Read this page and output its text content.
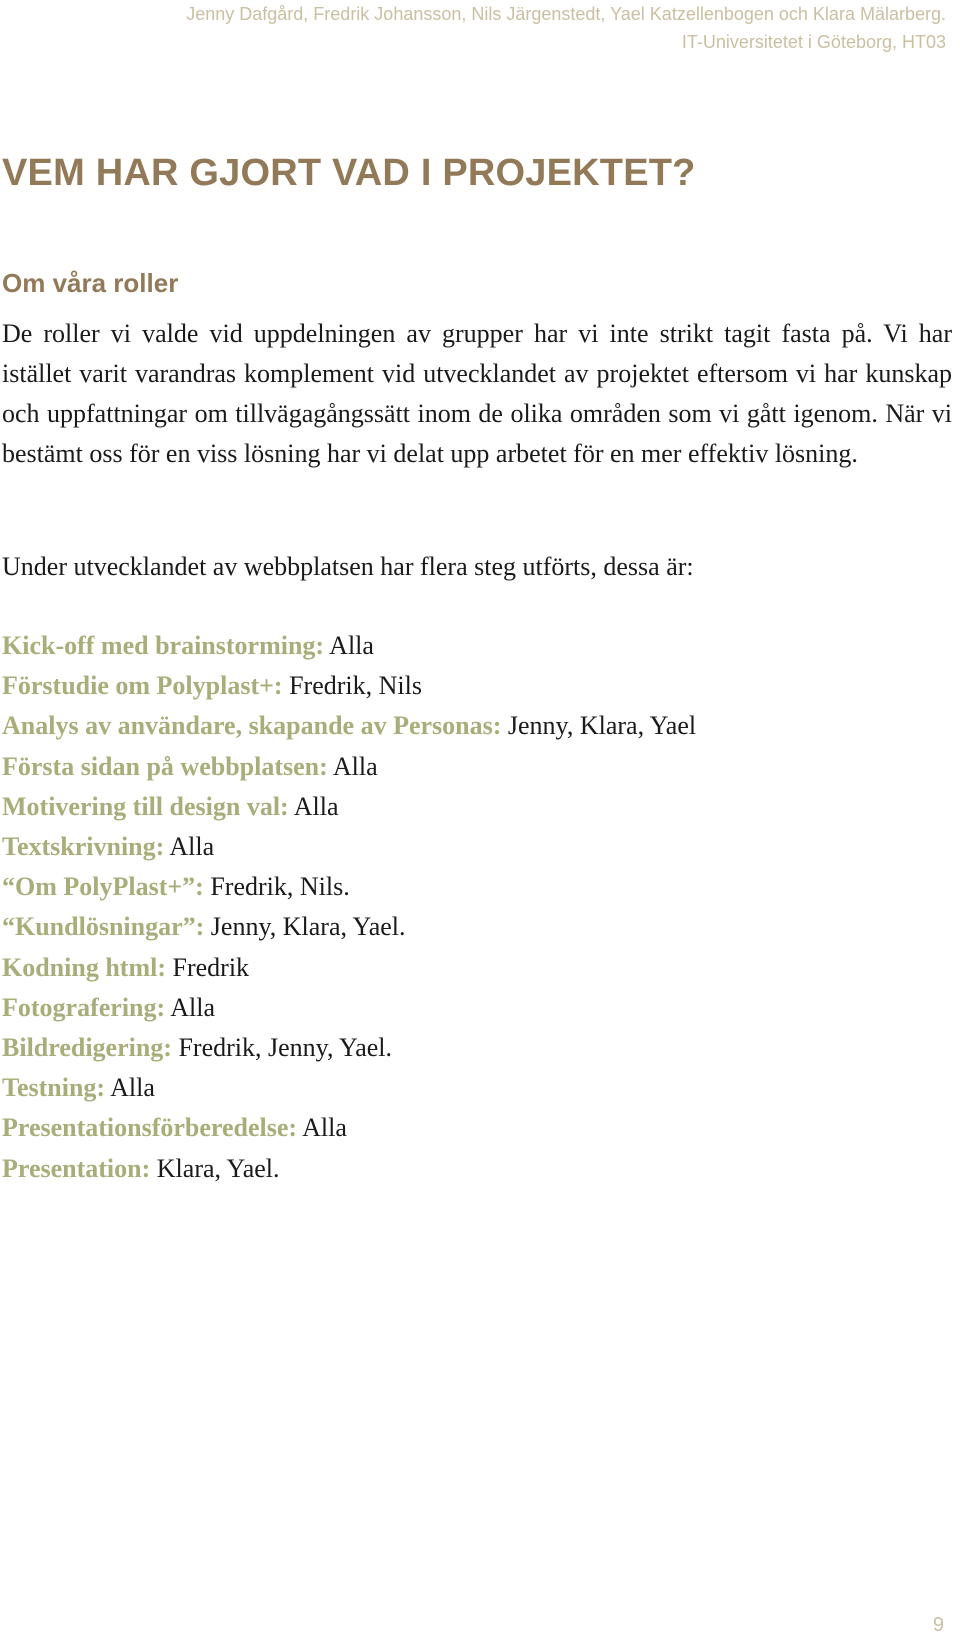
Jenny Dafgård, Fredrik Johansson, Nils Järgenstedt, Yael Katzellenbogen och Klara Mälarberg.

IT-Universitetet i Göteborg, HT03

VEM HAR GJORT VAD I PROJEKTET?
Om våra roller

De roller vi valde vid uppdelningen av grupper har vi inte strikt tagit fasta på. Vi har istället varit varandras komplement vid utvecklandet av projektet eftersom vi har kunskap och uppfattningar om tillvägagångssätt inom de olika områden som vi gått igenom. När vi bestämt oss för en viss lösning har vi delat upp arbetet för en mer effektiv lösning.

Under utvecklandet av webbplatsen har flera steg utförts, dessa är:

Kick-off med brainstorming: Alla
Förstudie om Polyplast+: Fredrik, Nils
Analys av användare, skapande av Personas: Jenny, Klara, Yael
Första sidan på webbplatsen: Alla
Motivering till design val: Alla
Textskrivning: Alla
“Om PolyPlast+”: Fredrik, Nils.
“Kundlösningar”: Jenny, Klara, Yael.
Kodning html: Fredrik
Fotografering: Alla
Bildredigering: Fredrik, Jenny, Yael.
Testning: Alla
Presentationsförberedelse: Alla
Presentation: Klara, Yael.

9
